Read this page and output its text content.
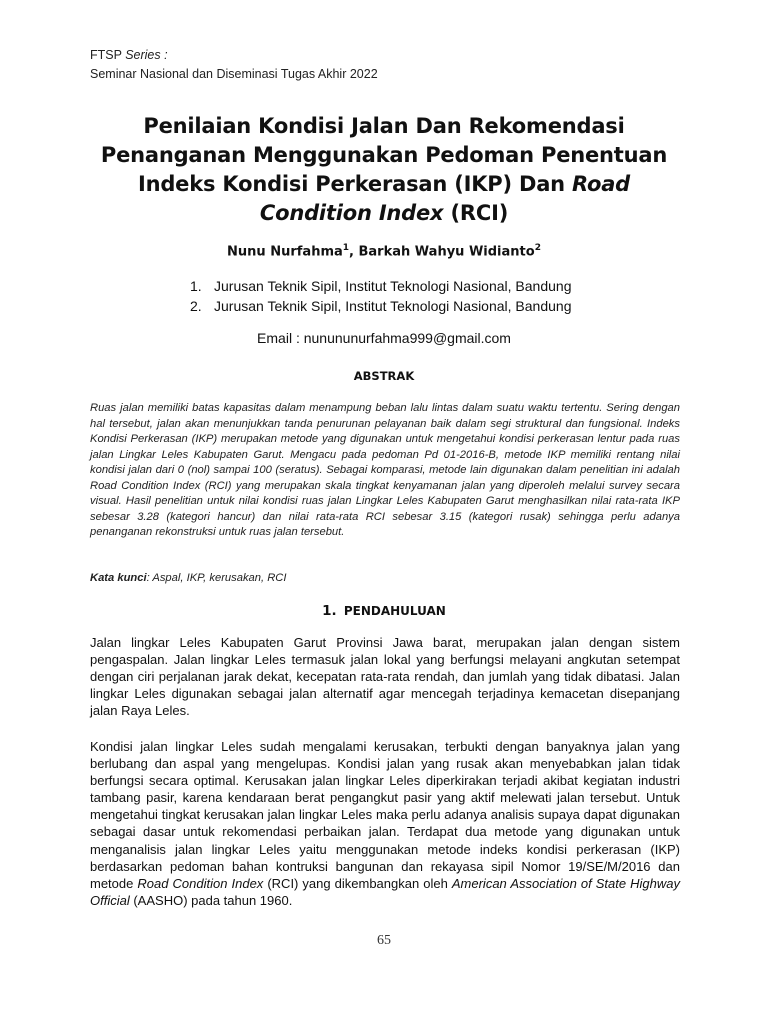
FTSP Series :
Seminar Nasional dan Diseminasi Tugas Akhir 2022
Penilaian Kondisi Jalan Dan Rekomendasi
Penanganan Menggunakan Pedoman Penentuan
Indeks Kondisi Perkerasan (IKP) Dan Road
Condition Index (RCI)
Nunu Nurfahma$^1$, Barkah Wahyu Widianto$^2$
1. Jurusan Teknik Sipil, Institut Teknologi Nasional, Bandung
2. Jurusan Teknik Sipil, Institut Teknologi Nasional, Bandung
Email : nunununurfahma999@gmail.com
ABSTRAK

Ruas jalan memiliki batas kapasitas dalam menampung beban lalu lintas dalam suatu waktu tertentu. Sering dengan hal tersebut, jalan akan menunjukkan tanda penurunan pelayanan baik dalam segi struktural dan fungsional. Indeks Kondisi Perkerasan (IKP) merupakan metode yang digunakan untuk mengetahui kondisi perkerasan lentur pada ruas jalan Lingkar Leles Kabupaten Garut. Mengacu pada pedoman Pd 01-2016-B, metode IKP memiliki rentang nilai kondisi jalan dari 0 (nol) sampai 100 (seratus). Sebagai komparasi, metode lain digunakan dalam penelitian ini adalah Road Condition Index (RCI) yang merupakan skala tingkat kenyamanan jalan yang diperoleh melalui survey secara visual. Hasil penelitian untuk nilai kondisi ruas jalan Lingkar Leles Kabupaten Garut menghasilkan nilai rata-rata IKP sebesar 3.28 (kategori hancur) dan nilai rata-rata RCI sebesar 3.15 (kategori rusak) sehingga perlu adanya penanganan rekonstruksi untuk ruas jalan tersebut.

Kata kunci: Aspal, IKP, kerusakan, RCI
1. PENDAHULUAN

Jalan lingkar Leles Kabupaten Garut Provinsi Jawa barat, merupakan jalan dengan sistem pengaspalan. Jalan lingkar Leles termasuk jalan lokal yang berfungsi melayani angkutan setempat dengan ciri perjalanan jarak dekat, kecepatan rata-rata rendah, dan jumlah yang tidak dibatasi. Jalan lingkar Leles digunakan sebagai jalan alternatif agar mencegah terjadinya kemacetan disepanjang jalan Raya Leles.

Kondisi jalan lingkar Leles sudah mengalami kerusakan, terbukti dengan banyaknya jalan yang berlubang dan aspal yang mengelupas. Kondisi jalan yang rusak akan menyebabkan jalan tidak berfungsi secara optimal. Kerusakan jalan lingkar Leles diperkirakan terjadi akibat kegiatan industri tambang pasir, karena kendaraan berat pengangkut pasir yang aktif melewati jalan tersebut. Untuk mengetahui tingkat kerusakan jalan lingkar Leles maka perlu adanya analisis supaya dapat digunakan sebagai dasar untuk rekomendasi perbaikan jalan. Terdapat dua metode yang digunakan untuk menganalisis jalan lingkar Leles yaitu menggunakan metode indeks kondisi perkerasan (IKP) berdasarkan pedoman bahan kontruksi bangunan dan rekayasa sipil Nomor 19/SE/M/2016 dan metode Road Condition Index (RCI) yang dikembangkan oleh American Association of State Highway Official (AASHO) pada tahun 1960.

65
